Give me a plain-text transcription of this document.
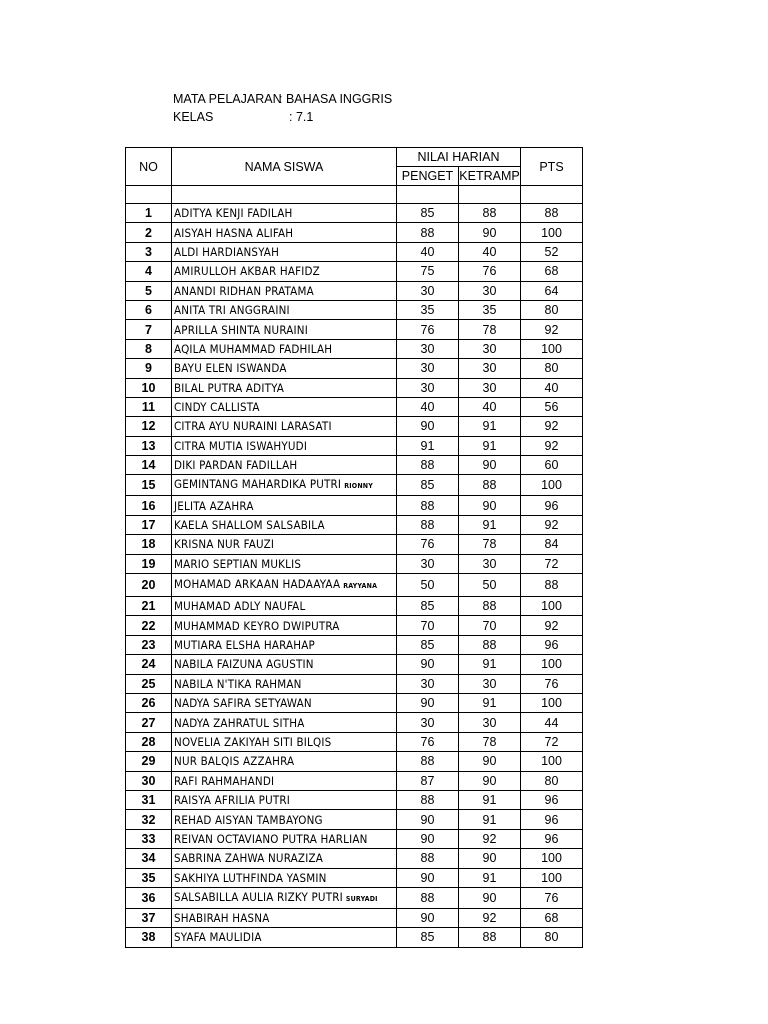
MATA PELAJARAN
: BAHASA INGGRIS
KELAS	: 7.1
NO	NAMA SISWA	NILAI HARIAN		PTS
		PENGET	KETRAMP	

1	ADITYA KENJI FADILAH	85	88	88
2	AISYAH HASNA ALIFAH	88	90	100
3	ALDI HARDIANSYAH	40	40	52
4	AMIRULLOH AKBAR HAFIDZ	75	76	68
5	ANANDI RIDHAN PRATAMA	30	30	64
6	ANITA TRI ANGGRAINI	35	35	80
7	APRILLA SHINTA NURAINI	76	78	92
8	AQILA MUHAMMAD FADHILAH	30	30	100
9	BAYU ELEN ISWANDA	30	30	80
10	BILAL PUTRA ADITYA	30	30	40
11	CINDY CALLISTA	40	40	56
12	CITRA AYU NURAINI LARASATI	90	91	92
13	CITRA MUTIA ISWAHYUDI	91	91	92
14	DIKI PARDAN FADILLAH	88	90	60
15	GEMINTANG MAHARDIKA PUTRI RIONNY	85	88	100
16	JELITA AZAHRA	88	90	96
17	KAELA SHALLOM SALSABILA	88	91	92
18	KRISNA NUR FAUZI	76	78	84
19	MARIO SEPTIAN MUKLIS	30	30	72
20	MOHAMAD ARKAAN HADAAYAA RAYYANA	50	50	88
21	MUHAMAD ADLY NAUFAL	85	88	100
22	MUHAMMAD KEYRO DWIPUTRA	70	70	92
23	MUTIARA ELSHA HARAHAP	85	88	96
24	NABILA FAIZUNA AGUSTIN	90	91	100
25	NABILA N'TIKA RAHMAN	30	30	76
26	NADYA SAFIRA SETYAWAN	90	91	100
27	NADYA ZAHRATUL SITHA	30	30	44
28	NOVELIA ZAKIYAH SITI BILQIS	76	78	72
29	NUR BALQIS AZZAHRA	88	90	100
30	RAFI RAHMAHANDI	87	90	80
31	RAISYA AFRILIA PUTRI	88	91	96
32	REHAD AISYAN TAMBAYONG	90	91	96
33	REIVAN OCTAVIANO PUTRA HARLIAN	90	92	96
34	SABRINA ZAHWA NURAZIZA	88	90	100
35	SAKHIYA LUTHFINDA YASMIN	90	91	100
36	SALSABILLA AULIA RIZKY PUTRI SURYADI	88	90	76
37	SHABIRAH HASNA	90	92	68
38	SYAFA MAULIDIA	85	88	80
